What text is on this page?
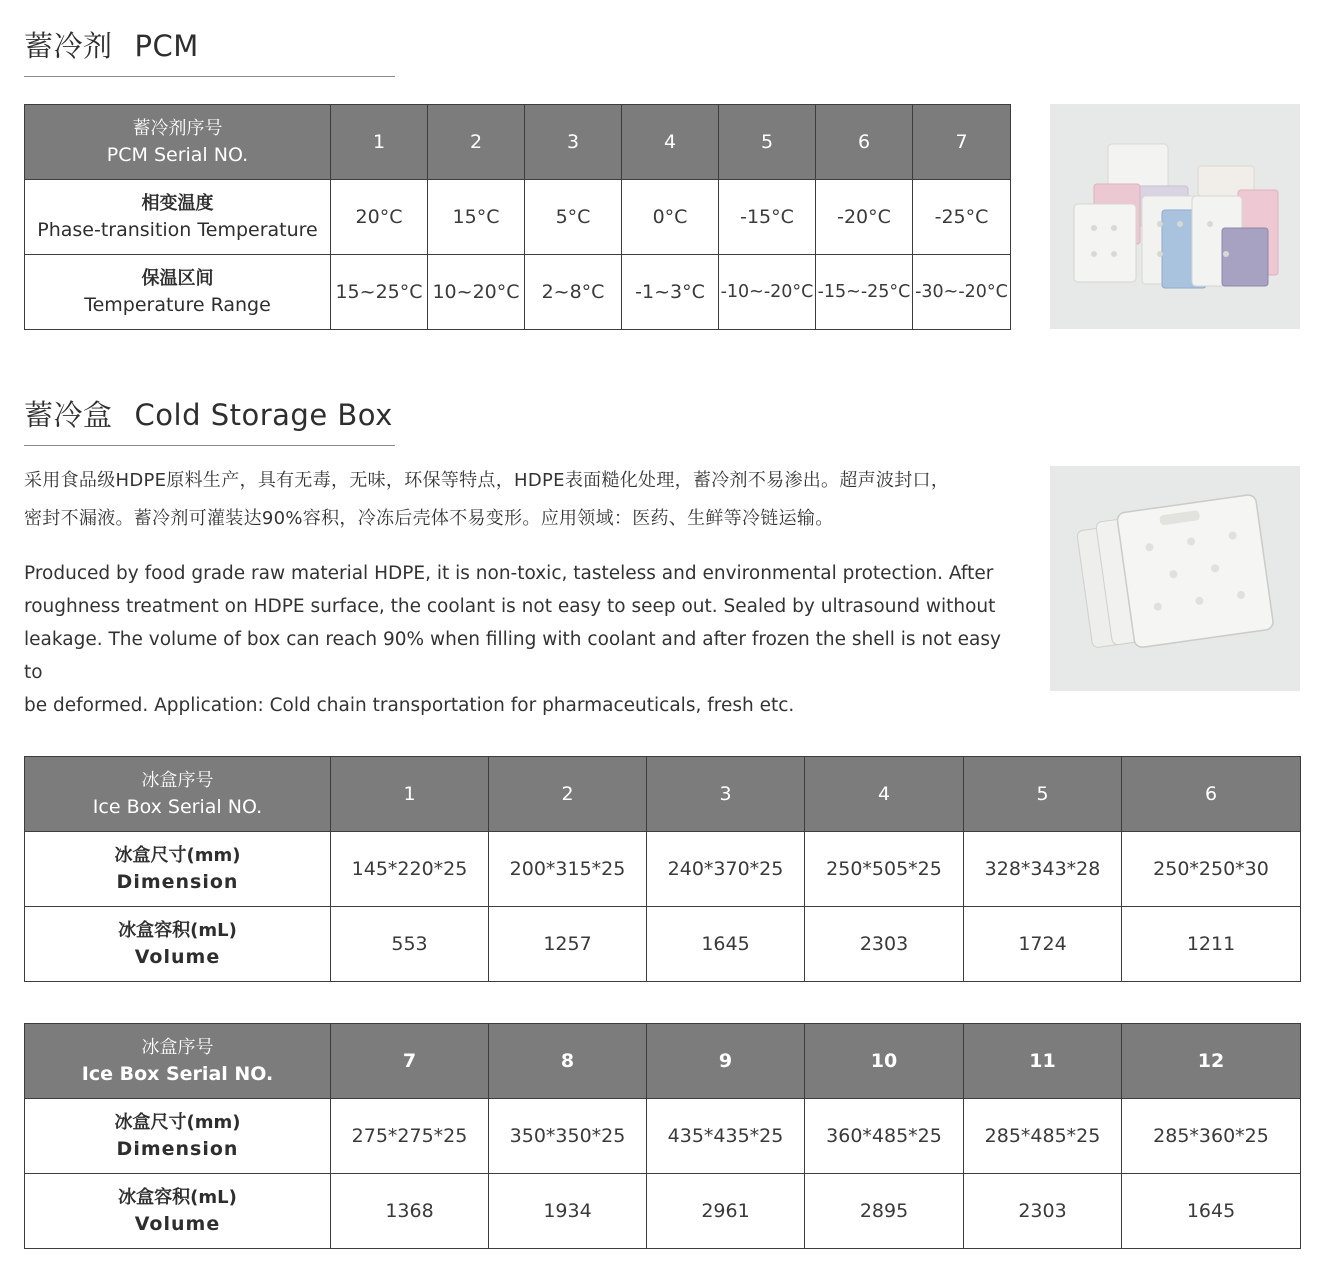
蓄冷剂 PCM
蓄冷剂序号
PCM Serial NO.	1	2	3	4	5	6	7

相变温度
Phase-transition Temperature	20°C	15°C	5°C	0°C	-15°C	-20°C	-25°C

保温区间
Temperature Range	15~25°C	10~20°C	2~8°C	-1~3°C	-10~-20°C	-15~-25°C	-30~-20°C
蓄冷盒 Cold Storage Box
采用食品级HDPE原料生产，具有无毒，无味，环保等特点，HDPE表面糙化处理，蓄冷剂不易渗出。超声波封口，
密封不漏液。蓄冷剂可灌装达90%容积，冷冻后壳体不易变形。应用领域：医药、生鲜等冷链运输。
Produced by food grade raw material HDPE, it is non-toxic, tasteless and environmental protection. After
roughness treatment on HDPE surface, the coolant is not easy to seep out. Sealed by ultrasound without
leakage. The volume of box can reach 90% when filling with coolant and after frozen the shell is not easy to
be deformed. Application: Cold chain transportation for pharmaceuticals, fresh etc.
冰盒序号
Ice Box Serial NO.	1	2	3	4	5	6

冰盒尺寸(mm)
Dimension	145*220*25	200*315*25	240*370*25	250*505*25	328*343*28	250*250*30

冰盒容积(mL)
Volume	553	1257	1645	2303	1724	1211
冰盒序号
Ice Box Serial NO.	7	8	9	10	11	12

冰盒尺寸(mm)
Dimension	275*275*25	350*350*25	435*435*25	360*485*25	285*485*25	285*360*25

冰盒容积(mL)
Volume	1368	1934	2961	2895	2303	1645
